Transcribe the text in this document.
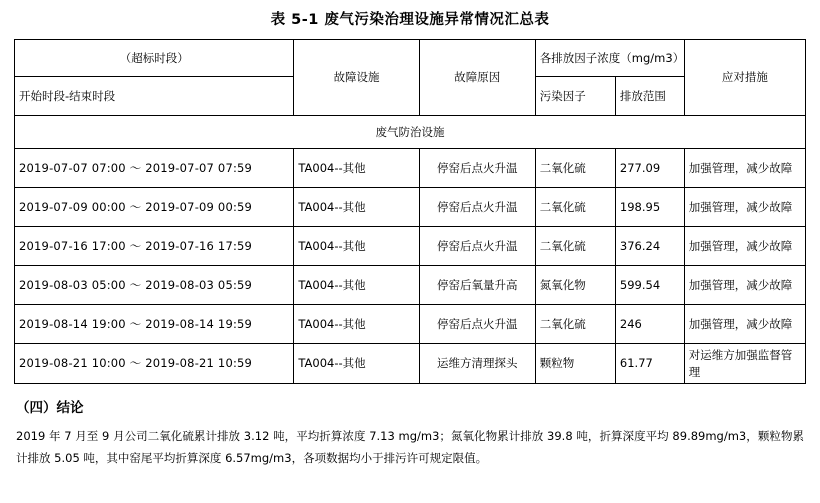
表 5-1 废气污染治理设施异常情况汇总表
（超标时段）	故障设施	故障原因	各排放因子浓度（mg/m3）		应对措施
开始时段-结束时段			污染因子	排放范围	
废气防治设施					
2019-07-07 07:00 ～ 2019-07-07 07:59	TA004--其他	停窑后点火升温	二氧化硫	277.09	加强管理，减少故障
2019-07-09 00:00 ～ 2019-07-09 00:59	TA004--其他	停窑后点火升温	二氧化硫	198.95	加强管理，减少故障
2019-07-16 17:00 ～ 2019-07-16 17:59	TA004--其他	停窑后点火升温	二氧化硫	376.24	加强管理，减少故障
2019-08-03 05:00 ～ 2019-08-03 05:59	TA004--其他	停窑后氧量升高	氮氧化物	599.54	加强管理，减少故障
2019-08-14 19:00 ～ 2019-08-14 19:59	TA004--其他	停窑后点火升温	二氧化硫	246	加强管理，减少故障
2019-08-21 10:00 ～ 2019-08-21 10:59	TA004--其他	运维方清理探头	颗粒物	61.77	对运维方加强监督管理
（四）结论
2019 年 7 月至 9 月公司二氧化硫累计排放 3.12 吨，平均折算浓度 7.13 mg/m3；氮氧化物累计排放 39.8 吨，折算深度平均 89.89mg/m3，颗粒物累计排放 5.05 吨，其中窑尾平均折算深度 6.57mg/m3，各项数据均小于排污许可规定限值。
